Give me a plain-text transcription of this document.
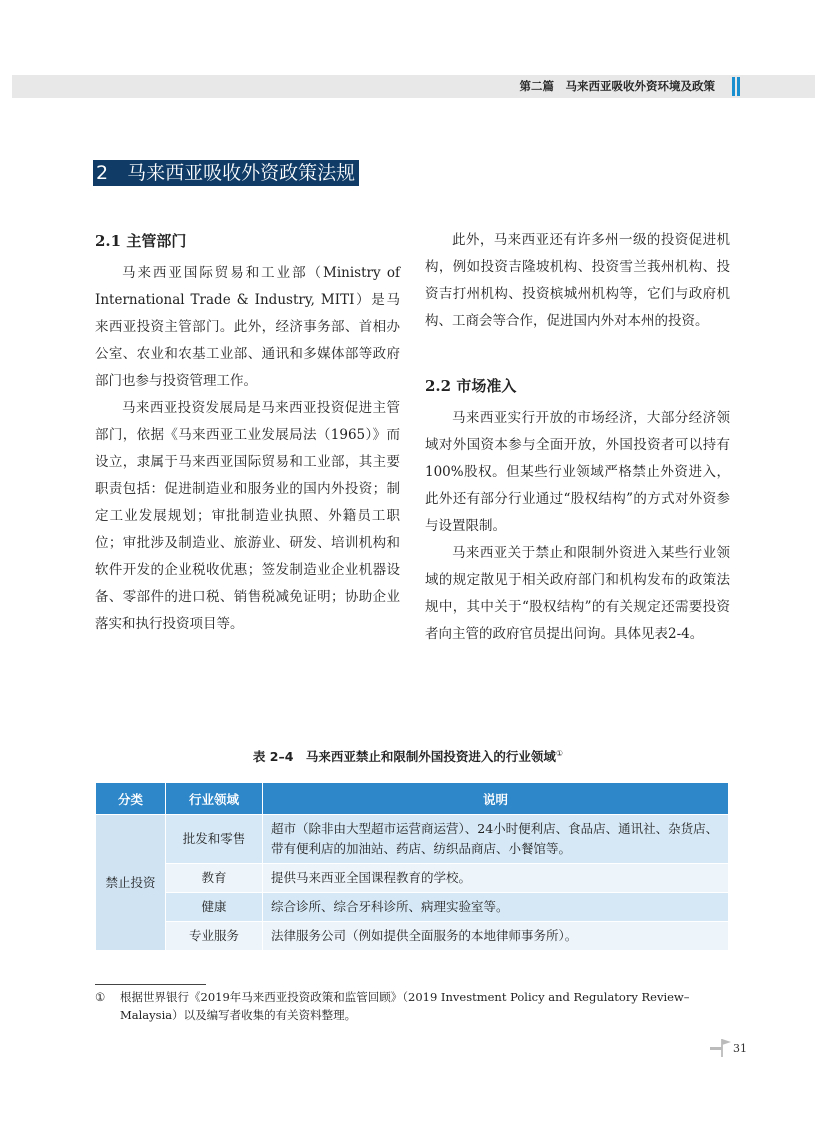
第二篇　马来西亚吸收外资环境及政策
2　马来西亚吸收外资政策法规
2.1 主管部门

马来西亚国际贸易和工业部（Ministry of International Trade & Industry, MITI）是马来西亚投资主管部门。此外，经济事务部、首相办公室、农业和农基工业部、通讯和多媒体部等政府部门也参与投资管理工作。

马来西亚投资发展局是马来西亚投资促进主管部门，依据《马来西亚工业发展局法（1965）》而设立，隶属于马来西亚国际贸易和工业部，其主要职责包括：促进制造业和服务业的国内外投资；制定工业发展规划；审批制造业执照、外籍员工职位；审批涉及制造业、旅游业、研发、培训机构和软件开发的企业税收优惠；签发制造业企业机器设备、零部件的进口税、销售税减免证明；协助企业落实和执行投资项目等。

此外，马来西亚还有许多州一级的投资促进机构，例如投资吉隆坡机构、投资雪兰莪州机构、投资吉打州机构、投资槟城州机构等，它们与政府机构、工商会等合作，促进国内外对本州的投资。

2.2 市场准入

马来西亚实行开放的市场经济，大部分经济领域对外国资本参与全面开放，外国投资者可以持有100%股权。但某些行业领域严格禁止外资进入，此外还有部分行业通过“股权结构”的方式对外资参与设置限制。

马来西亚关于禁止和限制外资进入某些行业领域的规定散见于相关政府部门和机构发布的政策法规中，其中关于“股权结构”的有关规定还需要投资者向主管的政府官员提出问询。具体见表2-4。

表 2–4　马来西亚禁止和限制外国投资进入的行业领域①
分类	行业领域	说明
禁止投资	批发和零售	超市（除非由大型超市运营商运营）、24小时便利店、食品店、通讯社、杂货店、带有便利店的加油站、药店、纺织品商店、小餐馆等。
	教育	提供马来西亚全国课程教育的学校。
	健康	综合诊所、综合牙科诊所、病理实验室等。
	专业服务	法律服务公司（例如提供全面服务的本地律师事务所）。
① 根据世界银行《2019年马来西亚投资政策和监管回顾》（2019 Investment Policy and Regulatory Review–
Malaysia）以及编写者收集的有关资料整理。
31
